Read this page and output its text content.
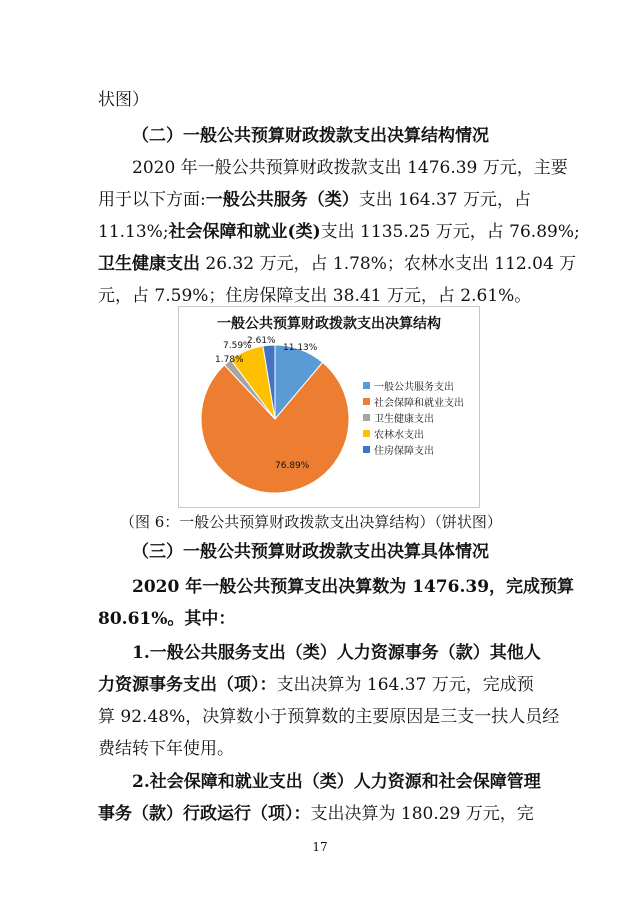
状图）
（二）一般公共预算财政拨款支出决算结构情况
2020 年一般公共预算财政拨款支出 1476.39 万元，主要
用于以下方面:一般公共服务（类）支出 164.37 万元，占
11.13%;社会保障和就业(类)支出 1135.25 万元，占 76.89%;
卫生健康支出 26.32 万元，占 1.78%；农林水支出 112.04 万
元，占 7.59%；住房保障支出 38.41 万元，占 2.61%。
一般公共预算财政拨款支出决算结构
11.13%
76.89%
1.78%
7.59%
2.61%
一般公共服务支出
社会保障和就业支出
卫生健康支出
农林水支出
住房保障支出
（图 6：一般公共预算财政拨款支出决算结构）（饼状图）
（三）一般公共预算财政拨款支出决算具体情况
2020 年一般公共预算支出决算数为 1476.39，完成预算
80.61%。其中：
1.一般公共服务支出（类）人力资源事务（款）其他人
力资源事务支出（项）：支出决算为 164.37 万元，完成预
算 92.48%，决算数小于预算数的主要原因是三支一扶人员经
费结转下年使用。
2.社会保障和就业支出（类）人力资源和社会保障管理
事务（款）行政运行（项）：支出决算为 180.29 万元，完
17
